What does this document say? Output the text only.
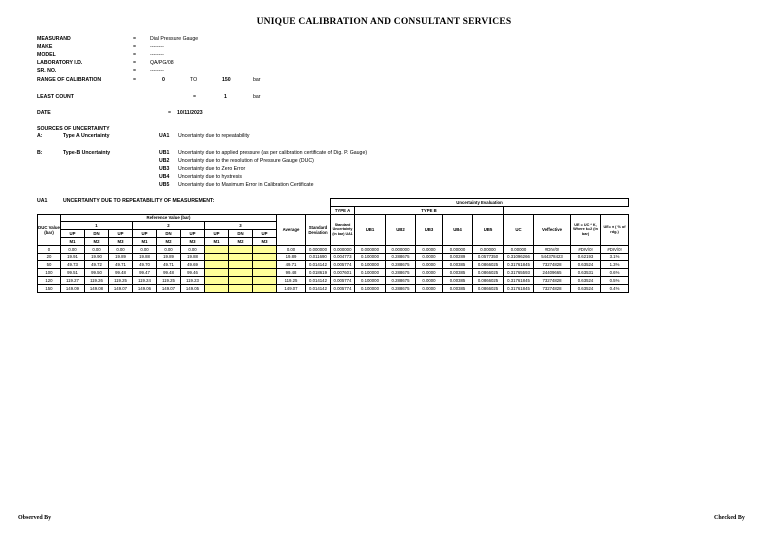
UNIQUE CALIBRATION AND CONSULTANT SERVICES
MEASURAND	=	Dial Pressure Gauge
MAKE	=	--------
MODEL	=	--------
LABORATORY I.D.	=	QA/PG/08
SR. NO.	=	--------
RANGE OF CALIBRATION	=	0	TO	150	bar
LEAST COUNT	=	1	bar
DATE	= 10/11/2023
SOURCES OF UNCERTAINTY
A:	Type A Uncertainty	UA1 Uncertainty due to repeatability
B:	Type-B Uncertainty	UB1 Uncertainty due to applied pressure (as per calibration certificate of Dig. P. Gauge)
UB2 Uncertainty due to the resolution of Pressure Gauge (DUC)
UB3 Uncertainty due to Zero Error
UB4 Uncertainty due to hystresis
UB5 Uncertainty due to Maximum Error in Calibration Certificate
UA1	UNCERTAINTY DUE TO REPEATABILITY OF MEASUREMENT:
													Uncertainty Evaluation									
												TYPE A	TYPE B								
DUC Value (bar)	Reference Value (bar)									Average	Standard Deviation	Standard Uncertainty (in bar) UA1	UB1	UB2	UB3	UB4	UB5	UC	Veffective	UE = UC * K, Where k=2 (in bar)	UE= ± ( % of rdg.)
	1			2			3														
	UP	DN	UP	UP	DN	UP	UP	DN	UP												
	M1	M2	M3	M1	M2	M3	M1	M2	M3												
0	0.00	0.00	0.00	0.00	0.00	0.00				0.00	0.000000	0.000000	0.000000	0.000000	0.0000	0.00000	0.00000	0.00000	#DIV/0!	#DIV/0!	#DIV/0!
20	19.91	19.90	19.89	19.88	19.89	19.88				19.89	0.011690	0.004773	0.100000	0.288675	0.0000	0.00289	0.0577350	0.31096266	544378423	0.62193	3.1%
50	49.73	49.72	49.71	49.70	49.71	49.69				49.71	0.014142	0.005774	0.100000	0.288675	0.0000	0.00385	0.0866025	0.31761845	73274828	0.63524	1.3%
100	99.51	99.50	99.48	99.47	99.48	99.46				99.48	0.018619	0.007601	0.100000	0.288675	0.0000	0.00385	0.0866025	0.31765593	24409665	0.63531	0.6%
120	119.27	119.26	119.25	119.24	119.25	119.23				119.25	0.014142	0.005774	0.100000	0.288675	0.0000	0.00385	0.0866025	0.31761845	73274828	0.63524	0.5%
150	149.09	149.08	149.07	149.06	149.07	149.05				149.07	0.014142	0.005774	0.100000	0.288675	0.0000	0.00385	0.0866025	0.31761845	73274828	0.63524	0.4%
Observed By	Checked By
